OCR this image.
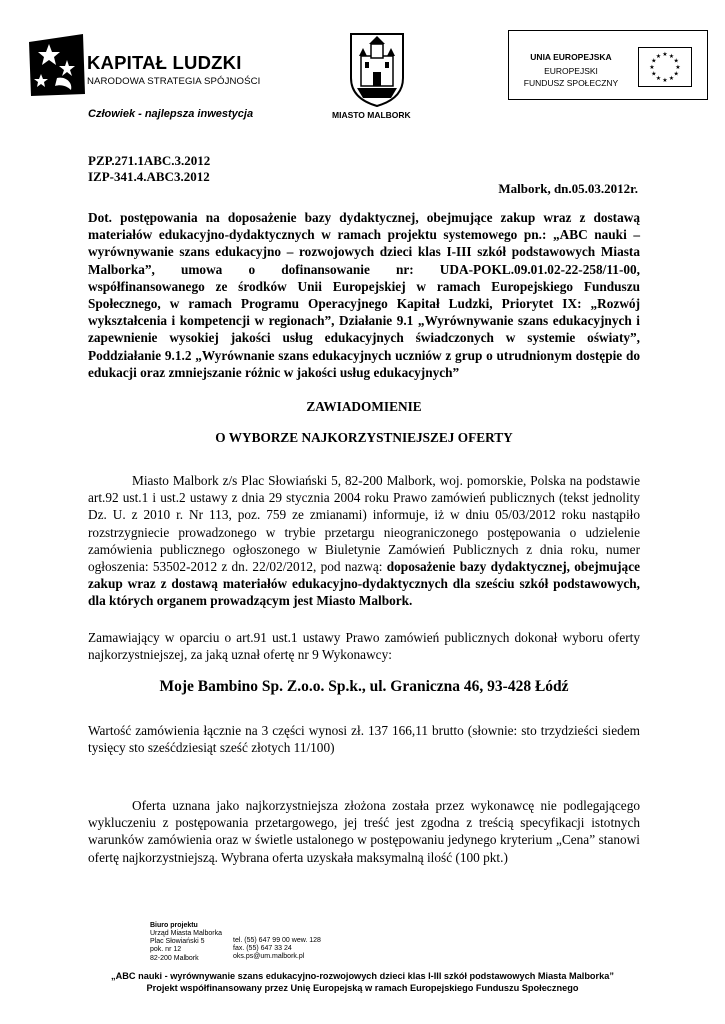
KAPITAŁ LUDZKI
NARODOWA STRATEGIA SPÓJNOŚCI
Człowiek - najlepsza inwestycja	MIASTO MALBORK
UNIA EUROPEJSKA
EUROPEJSKI
FUNDUSZ SPOŁECZNY
★ ★
★
★
★
★
★
★
★
★
★
★
PZP.271.1ABC.3.2012
IZP-341.4.ABC3.2012
Malbork, dn.05.03.2012r.
Dot. postępowania na doposażenie bazy dydaktycznej, obejmujące zakup wraz z dostawą materiałów edukacyjno-dydaktycznych w ramach projektu systemowego pn.: „ABC nauki – wyrównywanie szans edukacyjno – rozwojowych dzieci klas I-III szkół podstawowych Miasta Malborka”, umowa o dofinansowanie nr: UDA-POKL.09.01.02-22-258/11-00, współfinansowanego ze środków Unii Europejskiej w ramach Europejskiego Funduszu Społecznego, w ramach Programu Operacyjnego Kapitał Ludzki, Priorytet IX: „Rozwój wykształcenia i kompetencji w regionach”, Działanie 9.1 „Wyrównywanie szans edukacyjnych i zapewnienie wysokiej jakości usług edukacyjnych świadczonych w systemie oświaty”, Poddziałanie 9.1.2 „Wyrównanie szans edukacyjnych uczniów z grup o utrudnionym dostępie do edukacji oraz zmniejszanie różnic w jakości usług edukacyjnych”
ZAWIADOMIENIE
O WYBORZE NAJKORZYSTNIEJSZEJ OFERTY

Miasto Malbork z/s Plac Słowiański 5, 82-200 Malbork, woj. pomorskie, Polska na podstawie art.92 ust.1 i ust.2 ustawy z dnia 29 stycznia 2004 roku Prawo zamówień publicznych (tekst jednolity Dz. U. z 2010 r. Nr 113, poz. 759 ze zmianami) informuje, iż w dniu 05/03/2012 roku nastąpiło rozstrzygniecie prowadzonego w trybie przetargu nieograniczonego postępowania o udzielenie zamówienia publicznego ogłoszonego w Biuletynie Zamówień Publicznych z dnia roku, numer ogłoszenia: 53502-2012 z dn. 22/02/2012, pod nazwą: doposażenie bazy dydaktycznej, obejmujące zakup wraz z dostawą materiałów edukacyjno-dydaktycznych dla sześciu szkół podstawowych, dla których organem prowadzącym jest Miasto Malbork.

Zamawiający w oparciu o art.91 ust.1 ustawy Prawo zamówień publicznych dokonał wyboru oferty najkorzystniejszej, za jaką uznał ofertę nr 9 Wykonawcy:
Moje Bambino Sp. Z.o.o. Sp.k., ul. Graniczna 46, 93-428 Łódź
Wartość zamówienia łącznie na 3 części wynosi zł. 137 166,11 brutto (słownie: sto trzydzieści siedem tysięcy sto sześćdziesiąt sześć złotych 11/100)

Oferta uznana jako najkorzystniejsza złożona została przez wykonawcę nie podlegającego wykluczeniu z postępowania przetargowego, jej treść jest zgodna z treścią specyfikacji istotnych warunków zamówienia oraz w świetle ustalonego w postępowaniu jedynego kryterium „Cena” stanowi ofertę najkorzystniejszą. Wybrana oferta uzyskała maksymalną ilość (100 pkt.)

Biuro projektu
Urząd Miasta Malborka
Plac Słowiański 5
pok. nr 12
82-200 Malbork
tel. (55) 647 99 00 wew. 128
fax. (55) 647 33 24
oks.ps@um.malbork.pl
„ABC nauki - wyrównywanie szans edukacyjno-rozwojowych dzieci klas I-III szkół podstawowych Miasta Malborka”
Projekt współfinansowany przez Unię Europejską w ramach Europejskiego Funduszu Społecznego
